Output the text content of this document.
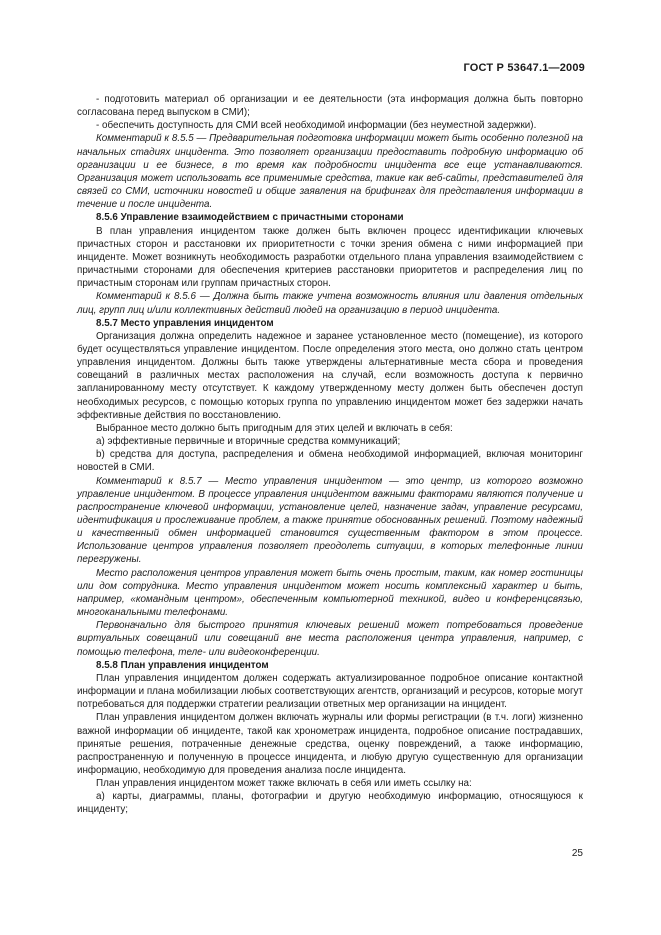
ГОСТ Р 53647.1—2009

- подготовить материал об организации и ее деятельности (эта информация должна быть повторно согласована перед выпуском в СМИ);

- обеспечить доступность для СМИ всей необходимой информации (без неуместной задержки).

Комментарий к 8.5.5 — Предварительная подготовка информации может быть особенно полезной на начальных стадиях инцидента. Это позволяет организации предоставить подробную информацию об организации и ее бизнесе, в то время как подробности инцидента все еще устанавливаются. Организация может использовать все применимые средства, такие как веб-сайты, представителей для связей со СМИ, источники новостей и общие заявления на брифингах для представления информации в течение и после инцидента.

8.5.6 Управление взаимодействием с причастными сторонами

В план управления инцидентом также должен быть включен процесс идентификации ключевых причастных сторон и расстановки их приоритетности с точки зрения обмена с ними информацией при инциденте. Может возникнуть необходимость разработки отдельного плана управления взаимодействием с причастными сторонами для обеспечения критериев расстановки приоритетов и распределения лиц по причастным сторонам или группам причастных сторон.

Комментарий к 8.5.6 — Должна быть также учтена возможность влияния или давления отдельных лиц, групп лиц и/или коллективных действий людей на организацию в период инцидента.

8.5.7 Место управления инцидентом

Организация должна определить надежное и заранее установленное место (помещение), из которого будет осуществляться управление инцидентом. После определения этого места, оно должно стать центром управления инцидентом. Должны быть также утверждены альтернативные места сбора и проведения совещаний в различных местах расположения на случай, если возможность доступа к первично запланированному месту отсутствует. К каждому утвержденному месту должен быть обеспечен доступ необходимых ресурсов, с помощью которых группа по управлению инцидентом может без задержки начать эффективные действия по восстановлению.

Выбранное место должно быть пригодным для этих целей и включать в себя:

a) эффективные первичные и вторичные средства коммуникаций;

b) средства для доступа, распределения и обмена необходимой информацией, включая мониторинг новостей в СМИ.

Комментарий к 8.5.7 — Место управления инцидентом — это центр, из которого возможно управление инцидентом. В процессе управления инцидентом важными факторами являются получение и распространение ключевой информации, установление целей, назначение задач, управление ресурсами, идентификация и прослеживание проблем, а также принятие обоснованных решений. Поэтому надежный и качественный обмен информацией становится существенным фактором в этом процессе. Использование центров управления позволяет преодолеть ситуации, в которых телефонные линии перегружены.

Место расположения центров управления может быть очень простым, таким, как номер гостиницы или дом сотрудника. Место управления инцидентом может носить комплексный характер и быть, например, «командным центром», обеспеченным компьютерной техникой, видео и конференцсвязью, многоканальными телефонами.

Первоначально для быстрого принятия ключевых решений может потребоваться проведение виртуальных совещаний или совещаний вне места расположения центра управления, например, с помощью телефона, теле- или видеоконференции.

8.5.8 План управления инцидентом

План управления инцидентом должен содержать актуализированное подробное описание контактной информации и плана мобилизации любых соответствующих агентств, организаций и ресурсов, которые могут потребоваться для поддержки стратегии реализации ответных мер организации на инцидент.

План управления инцидентом должен включать журналы или формы регистрации (в т.ч. логи) жизненно важной информации об инциденте, такой как хронометраж инцидента, подробное описание пострадавших, принятые решения, потраченные денежные средства, оценку повреждений, а также информацию, распространенную и полученную в процессе инцидента, и любую другую существенную для организации информацию, необходимую для проведения анализа после инцидента.

План управления инцидентом может также включать в себя или иметь ссылку на:

a) карты, диаграммы, планы, фотографии и другую необходимую информацию, относящуюся к инциденту;

25
